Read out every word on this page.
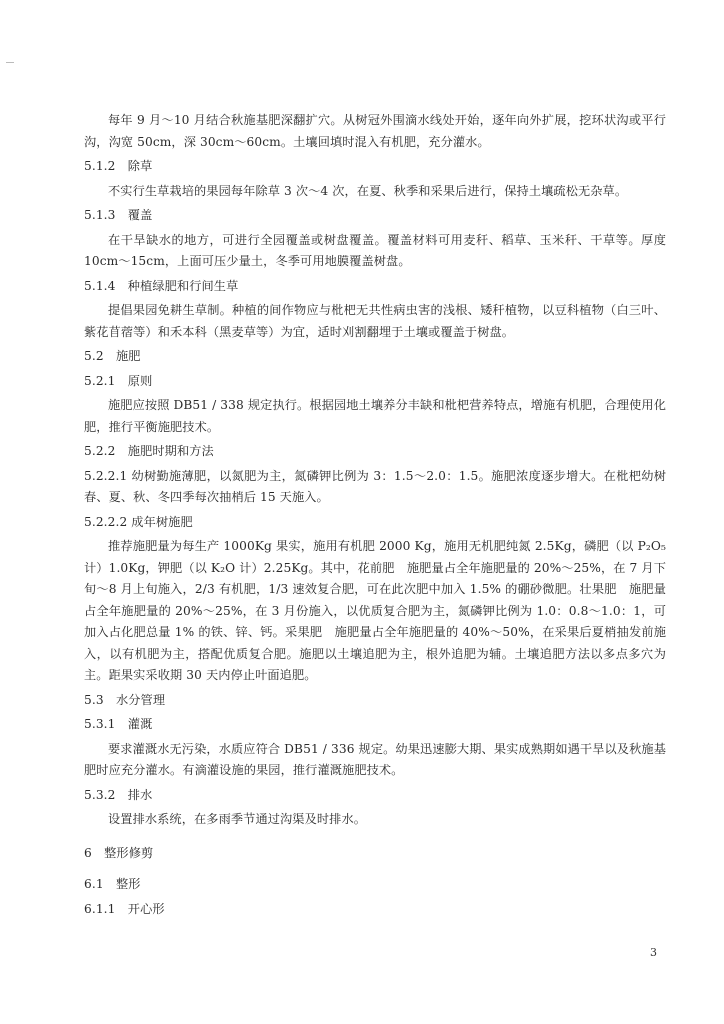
每年 9 月～10 月结合秋施基肥深翻扩穴。从树冠外围滴水线处开始，逐年向外扩展，挖环状沟或平行沟，沟宽 50cm，深 30cm～60cm。土壤回填时混入有机肥，充分灌水。

5.1.2　除草

不实行生草栽培的果园每年除草 3 次～4 次，在夏、秋季和采果后进行，保持土壤疏松无杂草。

5.1.3　覆盖

在干旱缺水的地方，可进行全园覆盖或树盘覆盖。覆盖材料可用麦秆、稻草、玉米秆、干草等。厚度 10cm～15cm，上面可压少量土，冬季可用地膜覆盖树盘。

5.1.4　种植绿肥和行间生草

提倡果园免耕生草制。种植的间作物应与枇杷无共性病虫害的浅根、矮秆植物，以豆科植物（白三叶、紫花苜蓿等）和禾本科（黑麦草等）为宜，适时刈割翻埋于土壤或覆盖于树盘。

5.2　施肥

5.2.1　原则

施肥应按照 DB51 / 338 规定执行。根据园地土壤养分丰缺和枇杷营养特点，增施有机肥，合理使用化肥，推行平衡施肥技术。

5.2.2　施肥时期和方法

5.2.2.1 幼树勤施薄肥，以氮肥为主，氮磷钾比例为 3：1.5～2.0：1.5。施肥浓度逐步增大。在枇杷幼树春、夏、秋、冬四季每次抽梢后 15 天施入。

5.2.2.2 成年树施肥

推荐施肥量为每生产 1000Kg 果实，施用有机肥 2000 Kg，施用无机肥纯氮 2.5Kg，磷肥（以 P₂O₅ 计）1.0Kg，钾肥（以 K₂O 计）2.25Kg。其中，花前肥　施肥量占全年施肥量的 20%～25%，在 7 月下旬～8 月上旬施入，2/3 有机肥，1/3 速效复合肥，可在此次肥中加入 1.5% 的硼砂微肥。壮果肥　施肥量占全年施肥量的 20%～25%，在 3 月份施入，以优质复合肥为主，氮磷钾比例为 1.0：0.8～1.0：1，可加入占化肥总量 1% 的铁、锌、钙。采果肥　施肥量占全年施肥量的 40%～50%，在采果后夏梢抽发前施入，以有机肥为主，搭配优质复合肥。施肥以土壤追肥为主，根外追肥为辅。土壤追肥方法以多点多穴为主。距果实采收期 30 天内停止叶面追肥。

5.3　水分管理

5.3.1　灌溉

要求灌溉水无污染，水质应符合 DB51 / 336 规定。幼果迅速膨大期、果实成熟期如遇干旱以及秋施基肥时应充分灌水。有滴灌设施的果园，推行灌溉施肥技术。

5.3.2　排水

设置排水系统，在多雨季节通过沟渠及时排水。

6　整形修剪

6.1　整形

6.1.1　开心形

3
